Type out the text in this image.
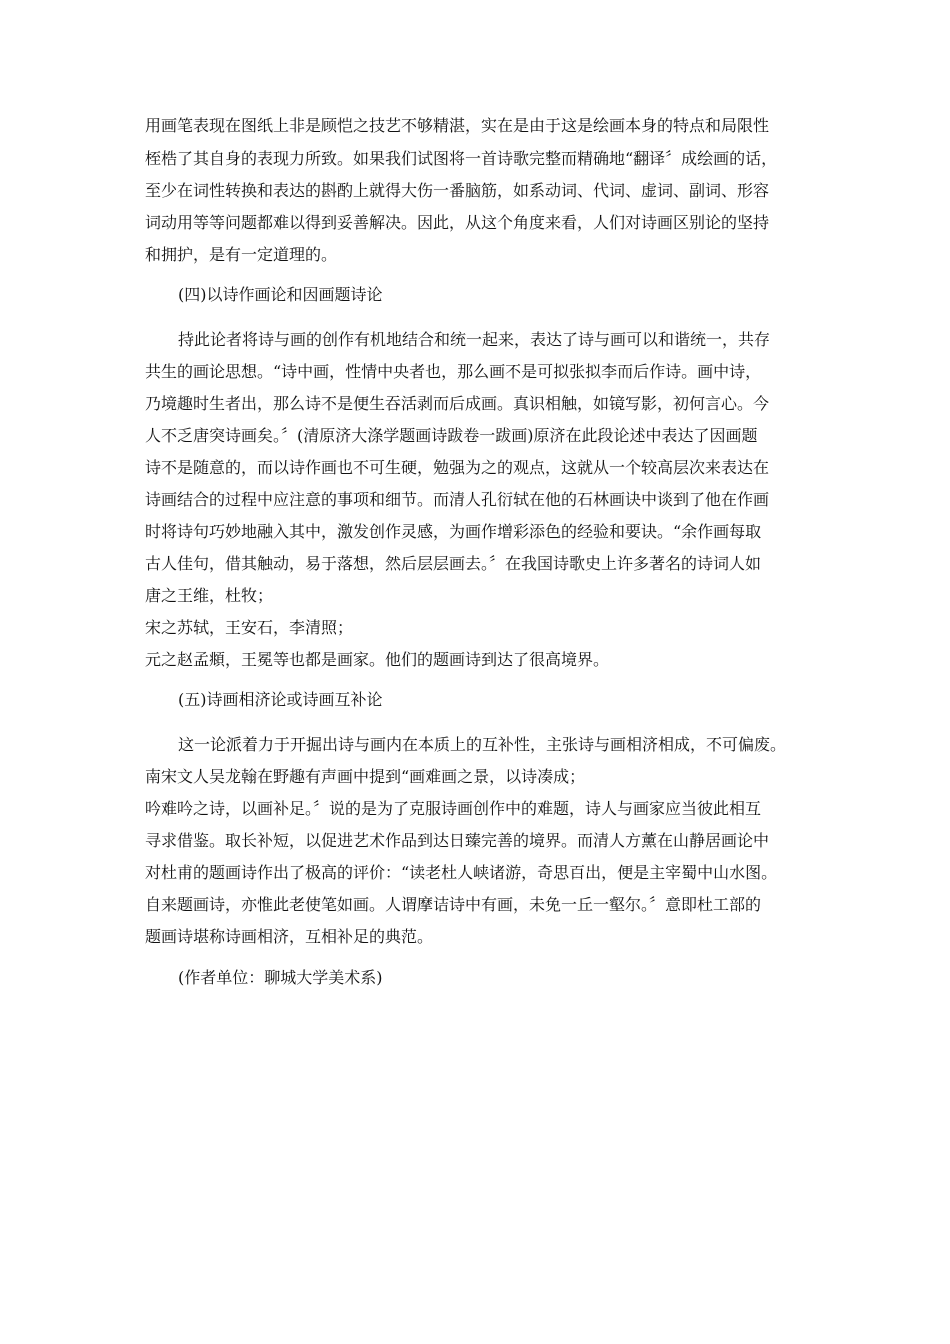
用画笔表现在图纸上非是顾恺之技艺不够精湛，实在是由于这是绘画本身的特点和局限性
桎梏了其自身的表现力所致。如果我们试图将一首诗歌完整而精确地“翻译〞成绘画的话，
至少在词性转换和表达的斟酌上就得大伤一番脑筋，如系动词、代词、虚词、副词、形容
词动用等等问题都难以得到妥善解决。因此，从这个角度来看，人们对诗画区别论的坚持
和拥护，是有一定道理的。
(四)以诗作画论和因画题诗论
持此论者将诗与画的创作有机地结合和统一起来，表达了诗与画可以和谐统一，共存
共生的画论思想。“诗中画，性情中央者也，那么画不是可拟张拟李而后作诗。画中诗，
乃境趣时生者出，那么诗不是便生吞活剥而后成画。真识相触，如镜写影，初何言心。今
人不乏唐突诗画矣。〞(清原济大涤学题画诗跋卷一跋画)原济在此段论述中表达了因画题
诗不是随意的，而以诗作画也不可生硬，勉强为之的观点，这就从一个较高层次来表达在
诗画结合的过程中应注意的事项和细节。而清人孔衍轼在他的石林画诀中谈到了他在作画
时将诗句巧妙地融入其中，激发创作灵感，为画作增彩添色的经验和要诀。“余作画每取
古人佳句，借其触动，易于落想，然后层层画去。〞在我国诗歌史上许多著名的诗词人如
唐之王维，杜牧；
宋之苏轼，王安石，李清照；
元之赵孟頫，王冕等也都是画家。他们的题画诗到达了很高境界。
(五)诗画相济论或诗画互补论
这一论派着力于开掘出诗与画内在本质上的互补性，主张诗与画相济相成，不可偏废。
南宋文人吴龙翰在野趣有声画中提到“画难画之景，以诗凑成；
吟难吟之诗，以画补足。〞说的是为了克服诗画创作中的难题，诗人与画家应当彼此相互
寻求借鉴。取长补短，以促进艺术作品到达日臻完善的境界。而清人方薰在山静居画论中
对杜甫的题画诗作出了极高的评价：“读老杜人峡诸游，奇思百出，便是主宰蜀中山水图。
自来题画诗，亦惟此老使笔如画。人谓摩诘诗中有画，未免一丘一壑尔。〞意即杜工部的
题画诗堪称诗画相济，互相补足的典范。
(作者单位：聊城大学美术系)
